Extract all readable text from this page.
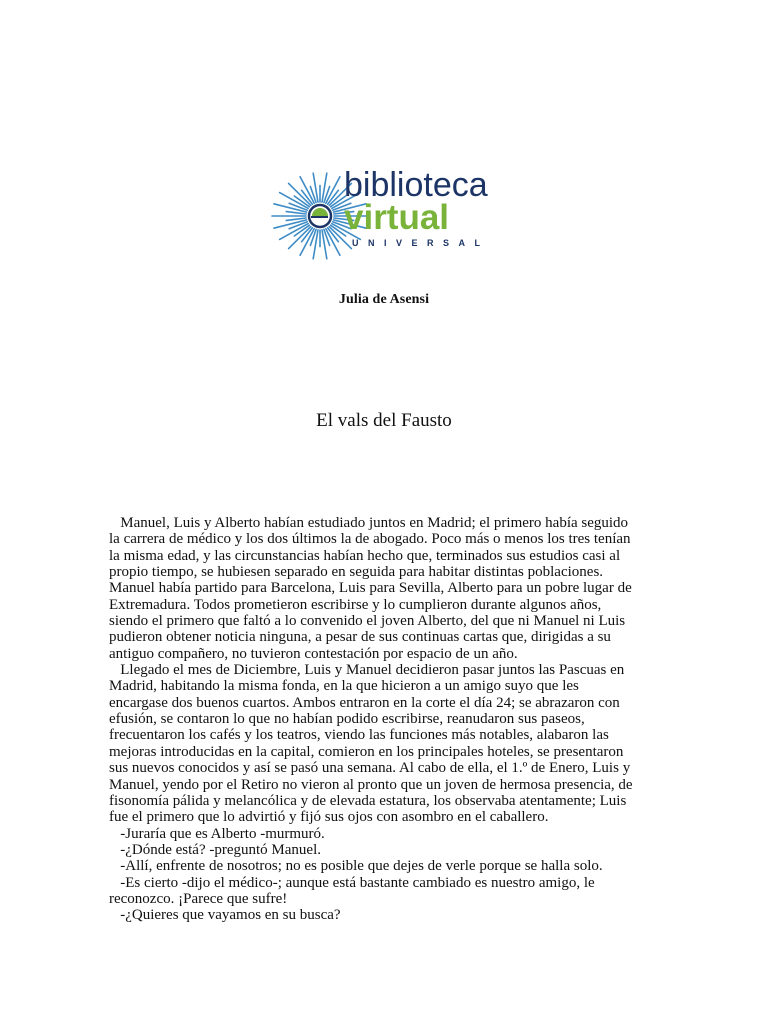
biblioteca
virtual
UNIVERSAL
Julia de Asensi
El vals del Fausto
Manuel, Luis y Alberto habían estudiado juntos en Madrid; el primero había seguido
la carrera de médico y los dos últimos la de abogado. Poco más o menos los tres tenían
la misma edad, y las circunstancias habían hecho que, terminados sus estudios casi al
propio tiempo, se hubiesen separado en seguida para habitar distintas poblaciones.
Manuel había partido para Barcelona, Luis para Sevilla, Alberto para un pobre lugar de
Extremadura. Todos prometieron escribirse y lo cumplieron durante algunos años,
siendo el primero que faltó a lo convenido el joven Alberto, del que ni Manuel ni Luis
pudieron obtener noticia ninguna, a pesar de sus continuas cartas que, dirigidas a su
antiguo compañero, no tuvieron contestación por espacio de un año.
Llegado el mes de Diciembre, Luis y Manuel decidieron pasar juntos las Pascuas en
Madrid, habitando la misma fonda, en la que hicieron a un amigo suyo que les
encargase dos buenos cuartos. Ambos entraron en la corte el día 24; se abrazaron con
efusión, se contaron lo que no habían podido escribirse, reanudaron sus paseos,
frecuentaron los cafés y los teatros, viendo las funciones más notables, alabaron las
mejoras introducidas en la capital, comieron en los principales hoteles, se presentaron
sus nuevos conocidos y así se pasó una semana. Al cabo de ella, el 1.º de Enero, Luis y
Manuel, yendo por el Retiro no vieron al pronto que un joven de hermosa presencia, de
fisonomía pálida y melancólica y de elevada estatura, los observaba atentamente; Luis
fue el primero que lo advirtió y fijó sus ojos con asombro en el caballero.
-Juraría que es Alberto -murmuró.
-¿Dónde está? -preguntó Manuel.
-Allí, enfrente de nosotros; no es posible que dejes de verle porque se halla solo.
-Es cierto -dijo el médico-; aunque está bastante cambiado es nuestro amigo, le
reconozco. ¡Parece que sufre!
-¿Quieres que vayamos en su busca?
